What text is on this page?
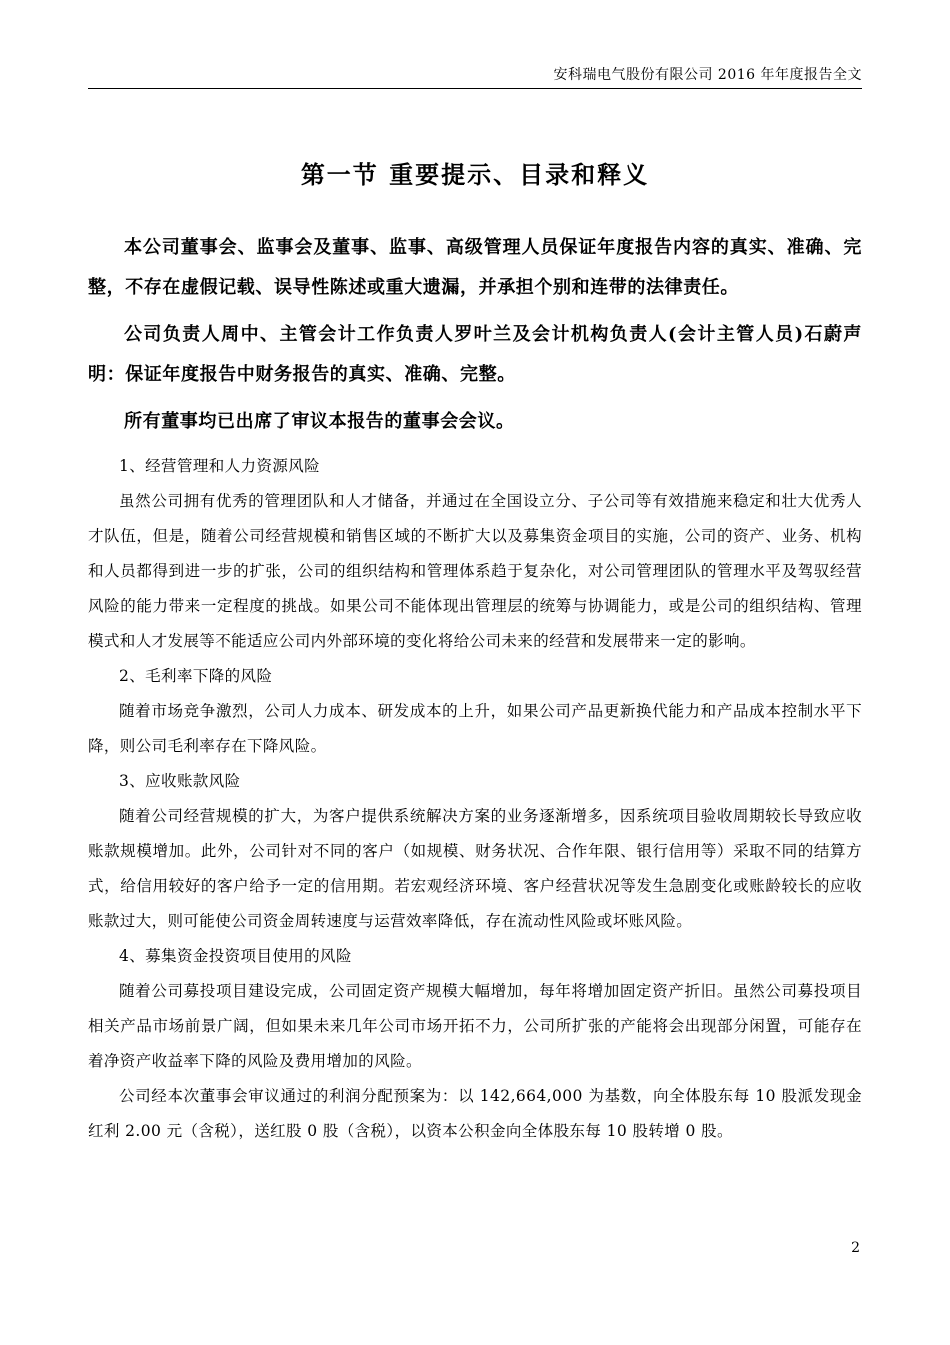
安科瑞电气股份有限公司 2016 年年度报告全文
第一节 重要提示、目录和释义

本公司董事会、监事会及董事、监事、高级管理人员保证年度报告内容的真实、准确、完整，不存在虚假记载、误导性陈述或重大遗漏，并承担个别和连带的法律责任。

公司负责人周中、主管会计工作负责人罗叶兰及会计机构负责人(会计主管人员)石蔚声明：保证年度报告中财务报告的真实、准确、完整。

所有董事均已出席了审议本报告的董事会会议。

1、经营管理和人力资源风险

虽然公司拥有优秀的管理团队和人才储备，并通过在全国设立分、子公司等有效措施来稳定和壮大优秀人才队伍，但是，随着公司经营规模和销售区域的不断扩大以及募集资金项目的实施，公司的资产、业务、机构和人员都得到进一步的扩张，公司的组织结构和管理体系趋于复杂化，对公司管理团队的管理水平及驾驭经营风险的能力带来一定程度的挑战。如果公司不能体现出管理层的统筹与协调能力，或是公司的组织结构、管理模式和人才发展等不能适应公司内外部环境的变化将给公司未来的经营和发展带来一定的影响。

2、毛利率下降的风险

随着市场竞争激烈，公司人力成本、研发成本的上升，如果公司产品更新换代能力和产品成本控制水平下降，则公司毛利率存在下降风险。

3、应收账款风险

随着公司经营规模的扩大，为客户提供系统解决方案的业务逐渐增多，因系统项目验收周期较长导致应收账款规模增加。此外，公司针对不同的客户（如规模、财务状况、合作年限、银行信用等）采取不同的结算方式，给信用较好的客户给予一定的信用期。若宏观经济环境、客户经营状况等发生急剧变化或账龄较长的应收账款过大，则可能使公司资金周转速度与运营效率降低，存在流动性风险或坏账风险。

4、募集资金投资项目使用的风险

随着公司募投项目建设完成，公司固定资产规模大幅增加，每年将增加固定资产折旧。虽然公司募投项目相关产品市场前景广阔，但如果未来几年公司市场开拓不力，公司所扩张的产能将会出现部分闲置，可能存在着净资产收益率下降的风险及费用增加的风险。

公司经本次董事会审议通过的利润分配预案为：以 142,664,000 为基数，向全体股东每 10 股派发现金红利 2.00 元（含税），送红股 0 股（含税），以资本公积金向全体股东每 10 股转增 0 股。

2
